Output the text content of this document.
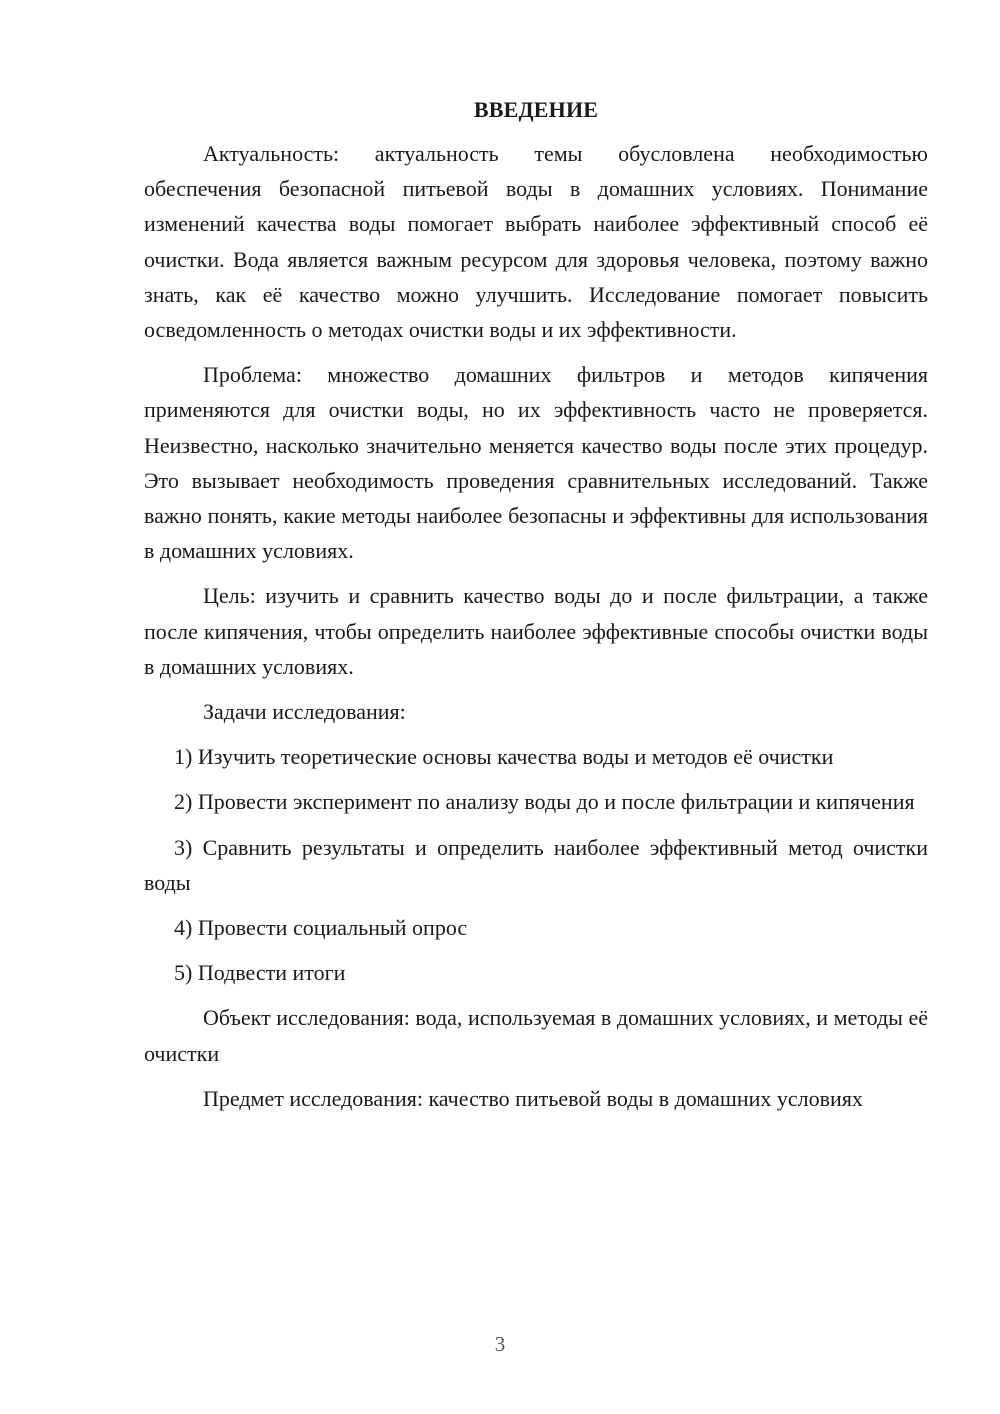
ВВЕДЕНИЕ

Актуальность: актуальность темы обусловлена необходимостью обеспечения безопасной питьевой воды в домашних условиях. Понимание изменений качества воды помогает выбрать наиболее эффективный способ её очистки. Вода является важным ресурсом для здоровья человека, поэтому важно знать, как её качество можно улучшить. Исследование помогает повысить осведомленность о методах очистки воды и их эффективности.

Проблема: множество домашних фильтров и методов кипячения применяются для очистки воды, но их эффективность часто не проверяется. Неизвестно, насколько значительно меняется качество воды после этих процедур. Это вызывает необходимость проведения сравнительных исследований. Также важно понять, какие методы наиболее безопасны и эффективны для использования в домашних условиях.

Цель: изучить и сравнить качество воды до и после фильтрации, а также после кипячения, чтобы определить наиболее эффективные способы очистки воды в домашних условиях.

Задачи исследования:

1) Изучить теоретические основы качества воды и методов её очистки

2) Провести эксперимент по анализу воды до и после фильтрации и кипячения

3) Сравнить результаты и определить наиболее эффективный метод очистки воды

4) Провести социальный опрос

5) Подвести итоги

Объект исследования: вода, используемая в домашних условиях, и методы её очистки

Предмет исследования: качество питьевой воды в домашних условиях

3
